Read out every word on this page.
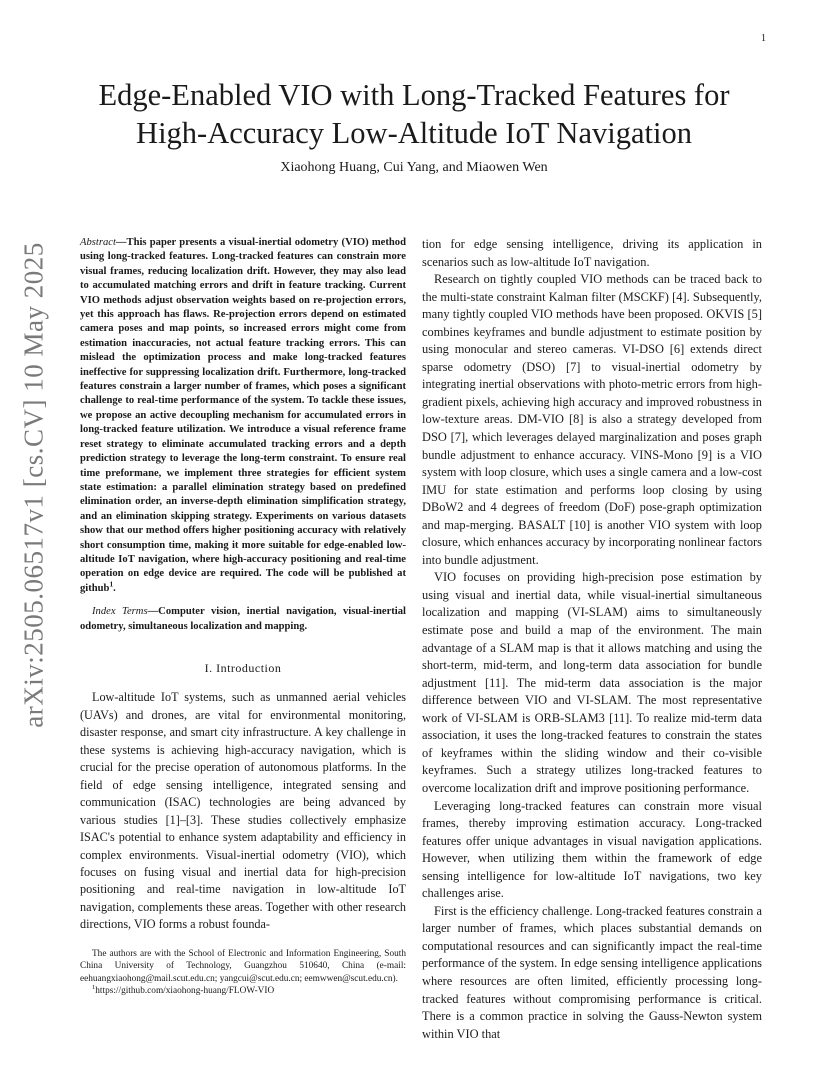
1
arXiv:2505.06517v1 [cs.CV] 10 May 2025
Edge-Enabled VIO with Long-Tracked Features for
High-Accuracy Low-Altitude IoT Navigation
Xiaohong Huang, Cui Yang, and Miaowen Wen

Abstract—This paper presents a visual-inertial odometry (VIO) method using long-tracked features. Long-tracked features can constrain more visual frames, reducing localization drift. However, they may also lead to accumulated matching errors and drift in feature tracking. Current VIO methods adjust observation weights based on re-projection errors, yet this approach has flaws. Re-projection errors depend on estimated camera poses and map points, so increased errors might come from estimation inaccuracies, not actual feature tracking errors. This can mislead the optimization process and make long-tracked features ineffective for suppressing localization drift. Furthermore, long-tracked features constrain a larger number of frames, which poses a significant challenge to real-time performance of the system. To tackle these issues, we propose an active decoupling mechanism for accumulated errors in long-tracked feature utilization. We introduce a visual reference frame reset strategy to eliminate accumulated tracking errors and a depth prediction strategy to leverage the long-term constraint. To ensure real time preformane, we implement three strategies for efficient system state estimation: a parallel elimination strategy based on predefined elimination order, an inverse-depth elimination simplification strategy, and an elimination skipping strategy. Experiments on various datasets show that our method offers higher positioning accuracy with relatively short consumption time, making it more suitable for edge-enabled low-altitude IoT navigation, where high-accuracy positioning and real-time operation on edge device are required. The code will be published at github$^1$.

Index Terms—Computer vision, inertial navigation, visual-inertial odometry, simultaneous localization and mapping.

I. Introduction

Low-altitude IoT systems, such as unmanned aerial vehicles (UAVs) and drones, are vital for environmental monitoring, disaster response, and smart city infrastructure. A key challenge in these systems is achieving high-accuracy navigation, which is crucial for the precise operation of autonomous platforms. In the field of edge sensing intelligence, integrated sensing and communication (ISAC) technologies are being advanced by various studies [1]–[3]. These studies collectively emphasize ISAC's potential to enhance system adaptability and efficiency in complex environments. Visual-inertial odometry (VIO), which focuses on fusing visual and inertial data for high-precision positioning and real-time navigation in low-altitude IoT navigation, complements these areas. Together with other research directions, VIO forms a robust founda-

tion for edge sensing intelligence, driving its application in scenarios such as low-altitude IoT navigation.

Research on tightly coupled VIO methods can be traced back to the multi-state constraint Kalman filter (MSCKF) [4]. Subsequently, many tightly coupled VIO methods have been proposed. OKVIS [5] combines keyframes and bundle adjustment to estimate position by using monocular and stereo cameras. VI-DSO [6] extends direct sparse odometry (DSO) [7] to visual-inertial odometry by integrating inertial observations with photo-metric errors from high-gradient pixels, achieving high accuracy and improved robustness in low-texture areas. DM-VIO [8] is also a strategy developed from DSO [7], which leverages delayed marginalization and poses graph bundle adjustment to enhance accuracy. VINS-Mono [9] is a VIO system with loop closure, which uses a single camera and a low-cost IMU for state estimation and performs loop closing by using DBoW2 and 4 degrees of freedom (DoF) pose-graph optimization and map-merging. BASALT [10] is another VIO system with loop closure, which enhances accuracy by incorporating nonlinear factors into bundle adjustment.

VIO focuses on providing high-precision pose estimation by using visual and inertial data, while visual-inertial simultaneous localization and mapping (VI-SLAM) aims to simultaneously estimate pose and build a map of the environment. The main advantage of a SLAM map is that it allows matching and using the short-term, mid-term, and long-term data association for bundle adjustment [11]. The mid-term data association is the major difference between VIO and VI-SLAM. The most representative work of VI-SLAM is ORB-SLAM3 [11]. To realize mid-term data association, it uses the long-tracked features to constrain the states of keyframes within the sliding window and their co-visible keyframes. Such a strategy utilizes long-tracked features to overcome localization drift and improve positioning performance.

Leveraging long-tracked features can constrain more visual frames, thereby improving estimation accuracy. Long-tracked features offer unique advantages in visual navigation applications. However, when utilizing them within the framework of edge sensing intelligence for low-altitude IoT navigations, two key challenges arise.

First is the efficiency challenge. Long-tracked features constrain a larger number of frames, which places substantial demands on computational resources and can significantly impact the real-time performance of the system. In edge sensing intelligence applications where resources are often limited, efficiently processing long-tracked features without compromising performance is critical. There is a common practice in solving the Gauss-Newton system within VIO that

The authors are with the School of Electronic and Information Engineering, South China University of Technology, Guangzhou 510640, China (e-mail: eehuangxiaohong@mail.scut.edu.cn; yangcui@scut.edu.cn; eemwwen@scut.edu.cn).

$^1$https://github.com/xiaohong-huang/FLOW-VIO
